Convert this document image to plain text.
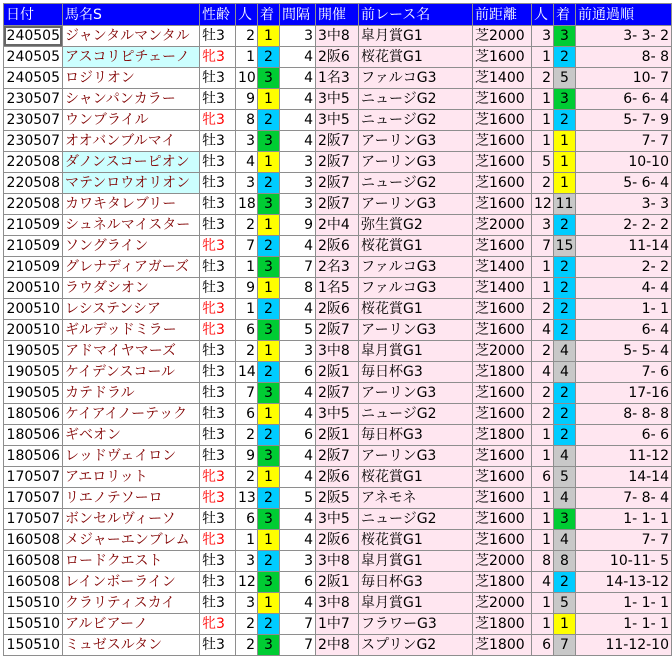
日付	馬名S	性齢	人	着	間隔	開催	前レース名	前距離	人	着	前通過順
240505	ジャンタルマンタル	牡3	2	1	3	3中8	皐月賞G1	芝2000	3	3	3- 3- 2
240505	アスコリピチェーノ	牝3	1	2	4	2阪6	桜花賞G1	芝1600	1	2	8- 8
240505	ロジリオン	牡3	10	3	4	1名3	ファルコG3	芝1400	2	5	10- 7
230507	シャンパンカラー	牡3	9	1	4	3中5	ニュージG2	芝1600	1	3	6- 6- 4
230507	ウンブライル	牝3	8	2	4	3中5	ニュージG2	芝1600	1	2	5- 7- 9
230507	オオバンブルマイ	牡3	3	3	4	2阪7	アーリンG3	芝1600	1	1	7- 7
220508	ダノンスコーピオン	牡3	4	1	3	2阪7	アーリンG3	芝1600	5	1	10-10
220508	マテンロウオリオン	牡3	3	2	3	2阪7	ニュージG2	芝1600	2	1	5- 6- 4
220508	カワキタレブリー	牡3	18	3	3	2阪7	アーリンG3	芝1600	12	11	3- 3
210509	シュネルマイスター	牡3	2	1	9	2中4	弥生賞G2	芝2000	3	2	2- 2- 2
210509	ソングライン	牝3	7	2	4	2阪6	桜花賞G1	芝1600	7	15	11-14
210509	グレナディアガーズ	牡3	1	3	7	2名3	ファルコG3	芝1400	1	2	2- 2
200510	ラウダシオン	牡3	9	1	8	1名5	ファルコG3	芝1400	1	2	4- 4
200510	レシステンシア	牝3	1	2	4	2阪6	桜花賞G1	芝1600	2	2	1- 1
200510	ギルデッドミラー	牝3	6	3	5	2阪7	アーリンG3	芝1600	4	2	6- 4
190505	アドマイヤマーズ	牡3	2	1	3	3中8	皐月賞G1	芝2000	2	4	5- 5- 4
190505	ケイデンスコール	牡3	14	2	6	2阪1	毎日杯G3	芝1800	4	4	7- 6
190505	カテドラル	牡3	7	3	4	2阪7	アーリンG3	芝1600	2	2	17-16
180506	ケイアイノーテック	牡3	6	1	4	3中5	ニュージG2	芝1600	2	2	8- 8- 8
180506	ギベオン	牡3	2	2	6	2阪1	毎日杯G3	芝1800	1	2	6- 6
180506	レッドヴェイロン	牡3	9	3	4	2阪7	アーリンG3	芝1600	1	4	11-12
170507	アエロリット	牝3	2	1	4	2阪6	桜花賞G1	芝1600	6	5	14-14
170507	リエノテソーロ	牝3	13	2	5	2阪5	アネモネ	芝1600	1	4	7- 8- 4
170507	ボンセルヴィーソ	牡3	6	3	4	3中5	ニュージG2	芝1600	1	3	1- 1- 1
160508	メジャーエンブレム	牝3	1	1	4	2阪6	桜花賞G1	芝1600	1	4	7- 7
160508	ロードクエスト	牡3	3	2	3	3中8	皐月賞G1	芝2000	8	8	10-11- 5
160508	レインボーライン	牡3	12	3	6	2阪1	毎日杯G3	芝1800	4	2	14-13-12
150510	クラリティスカイ	牡3	3	1	4	3中8	皐月賞G1	芝2000	1	5	1- 1- 1
150510	アルビアーノ	牝3	2	2	7	1中7	フラワーG3	芝1800	1	1	1- 1- 1
150510	ミュゼスルタン	牡3	2	3	7	2中8	スプリンG2	芝1800	6	7	11-12-10
